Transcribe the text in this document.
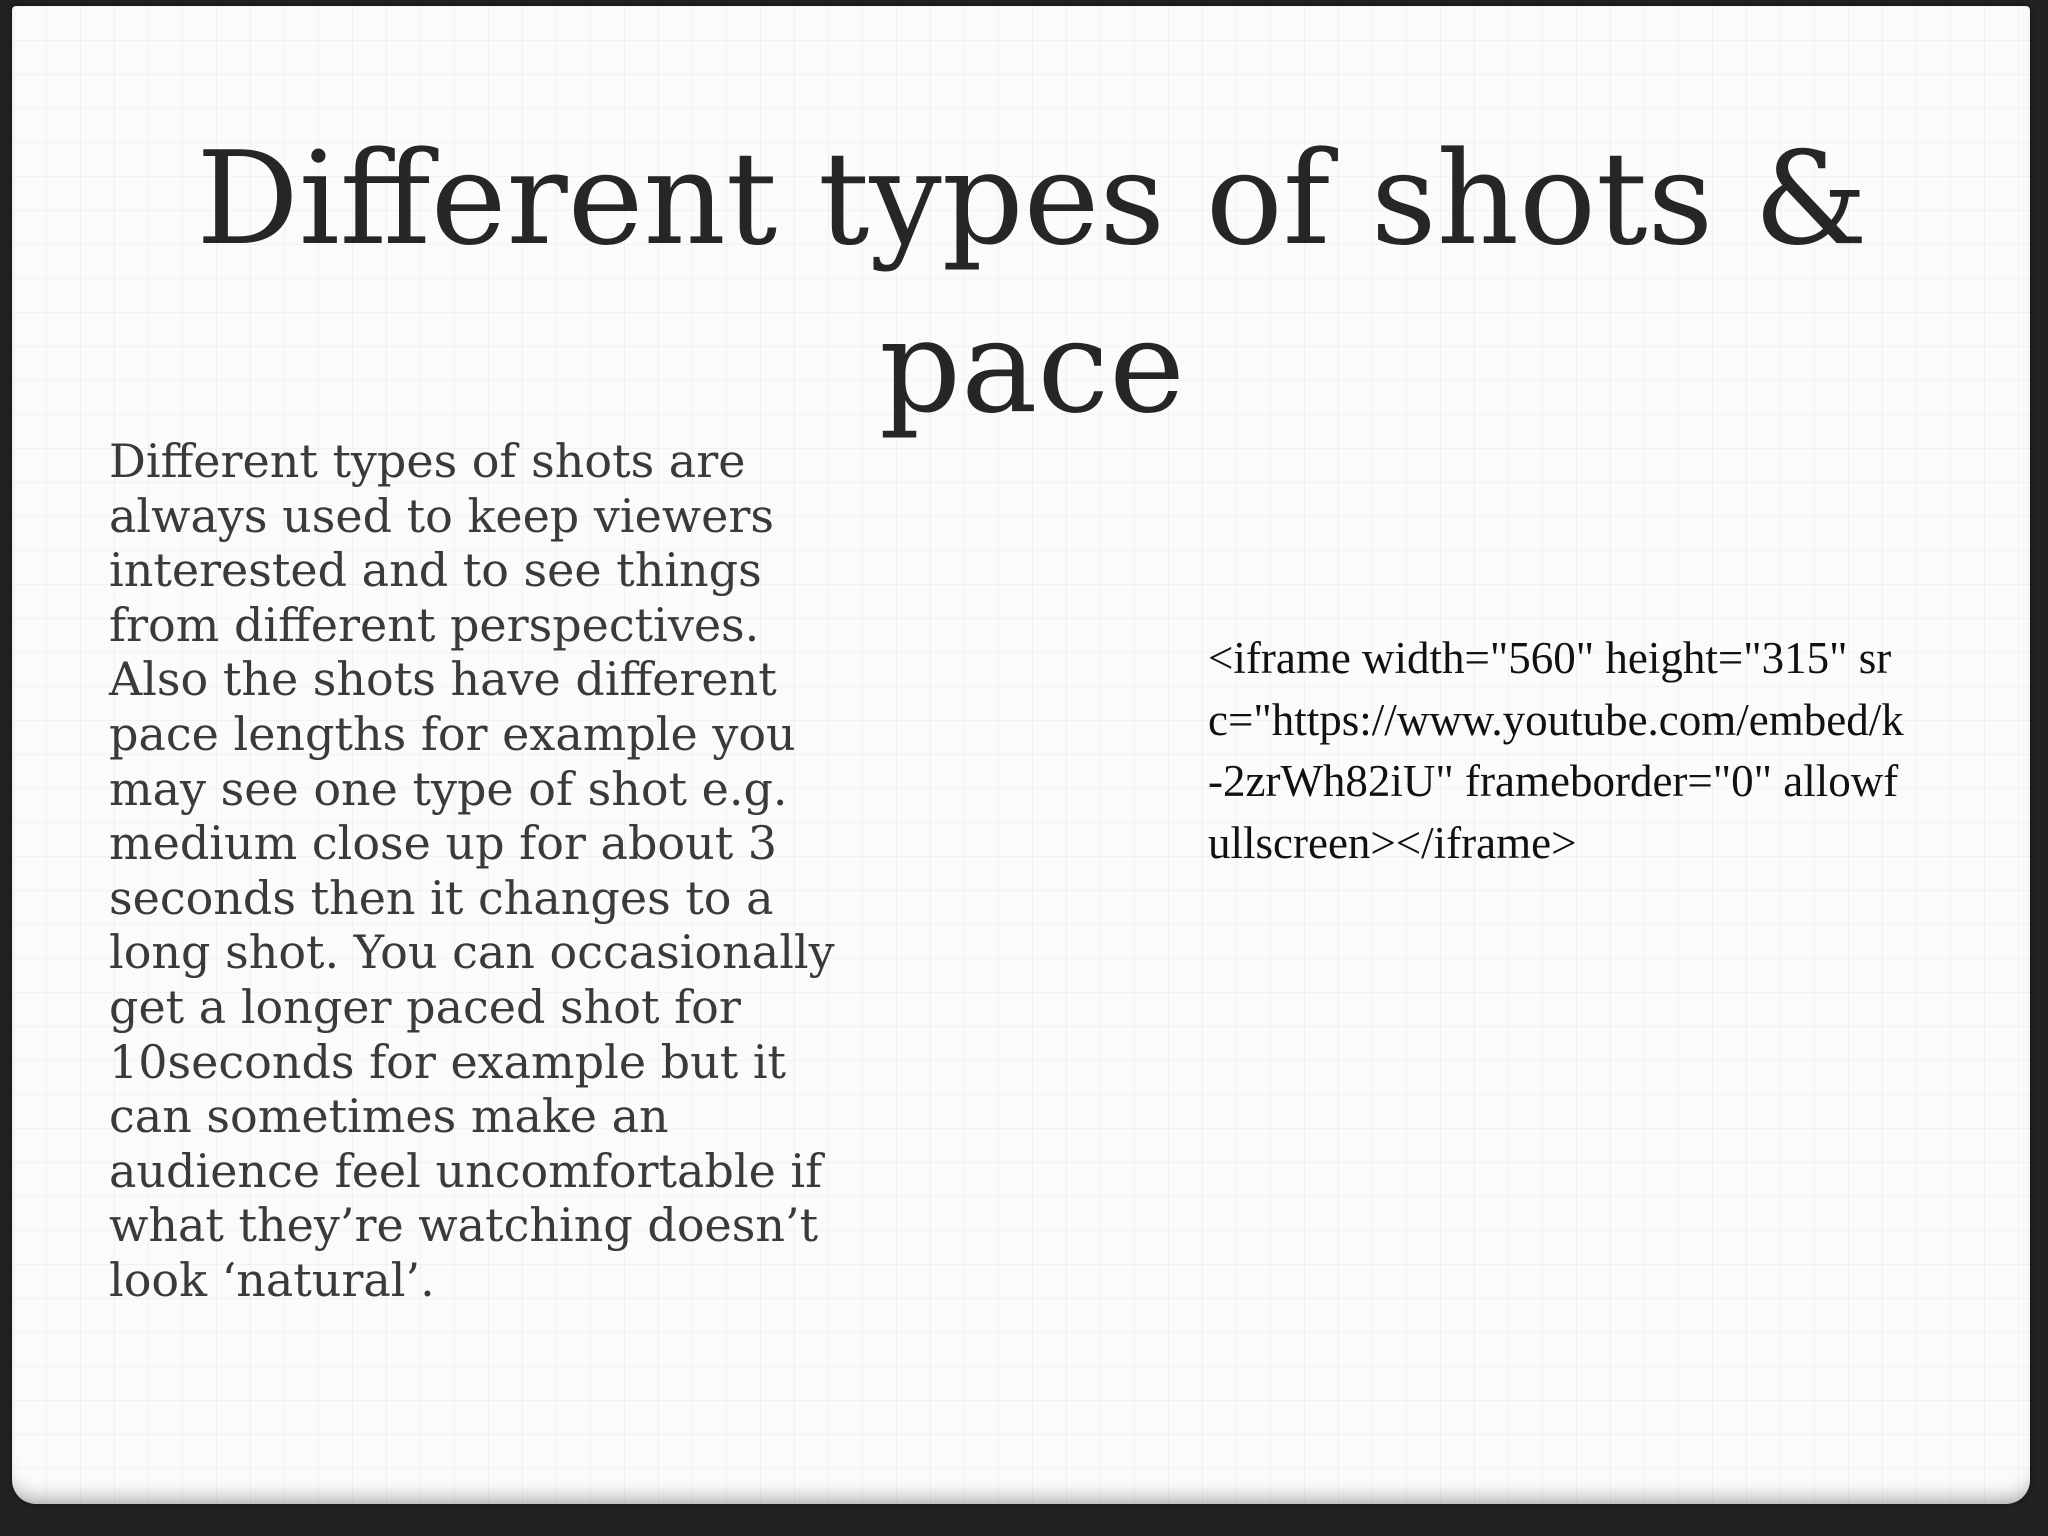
Different types of shots & pace

Different types of shots are always used to keep viewers interested and to see things from different perspectives. Also the shots have different pace lengths for example you may see one type of shot e.g. medium close up for about 3 seconds then it changes to a long shot. You can occasionally get a longer paced shot for 10seconds for example but it can sometimes make an audience feel uncomfortable if what they’re watching doesn’t look ‘natural’.

<iframe width="560" height="315" src="https://www.youtube.com/embed/k-2zrWh82iU" frameborder="0" allowfullscreen></iframe>
